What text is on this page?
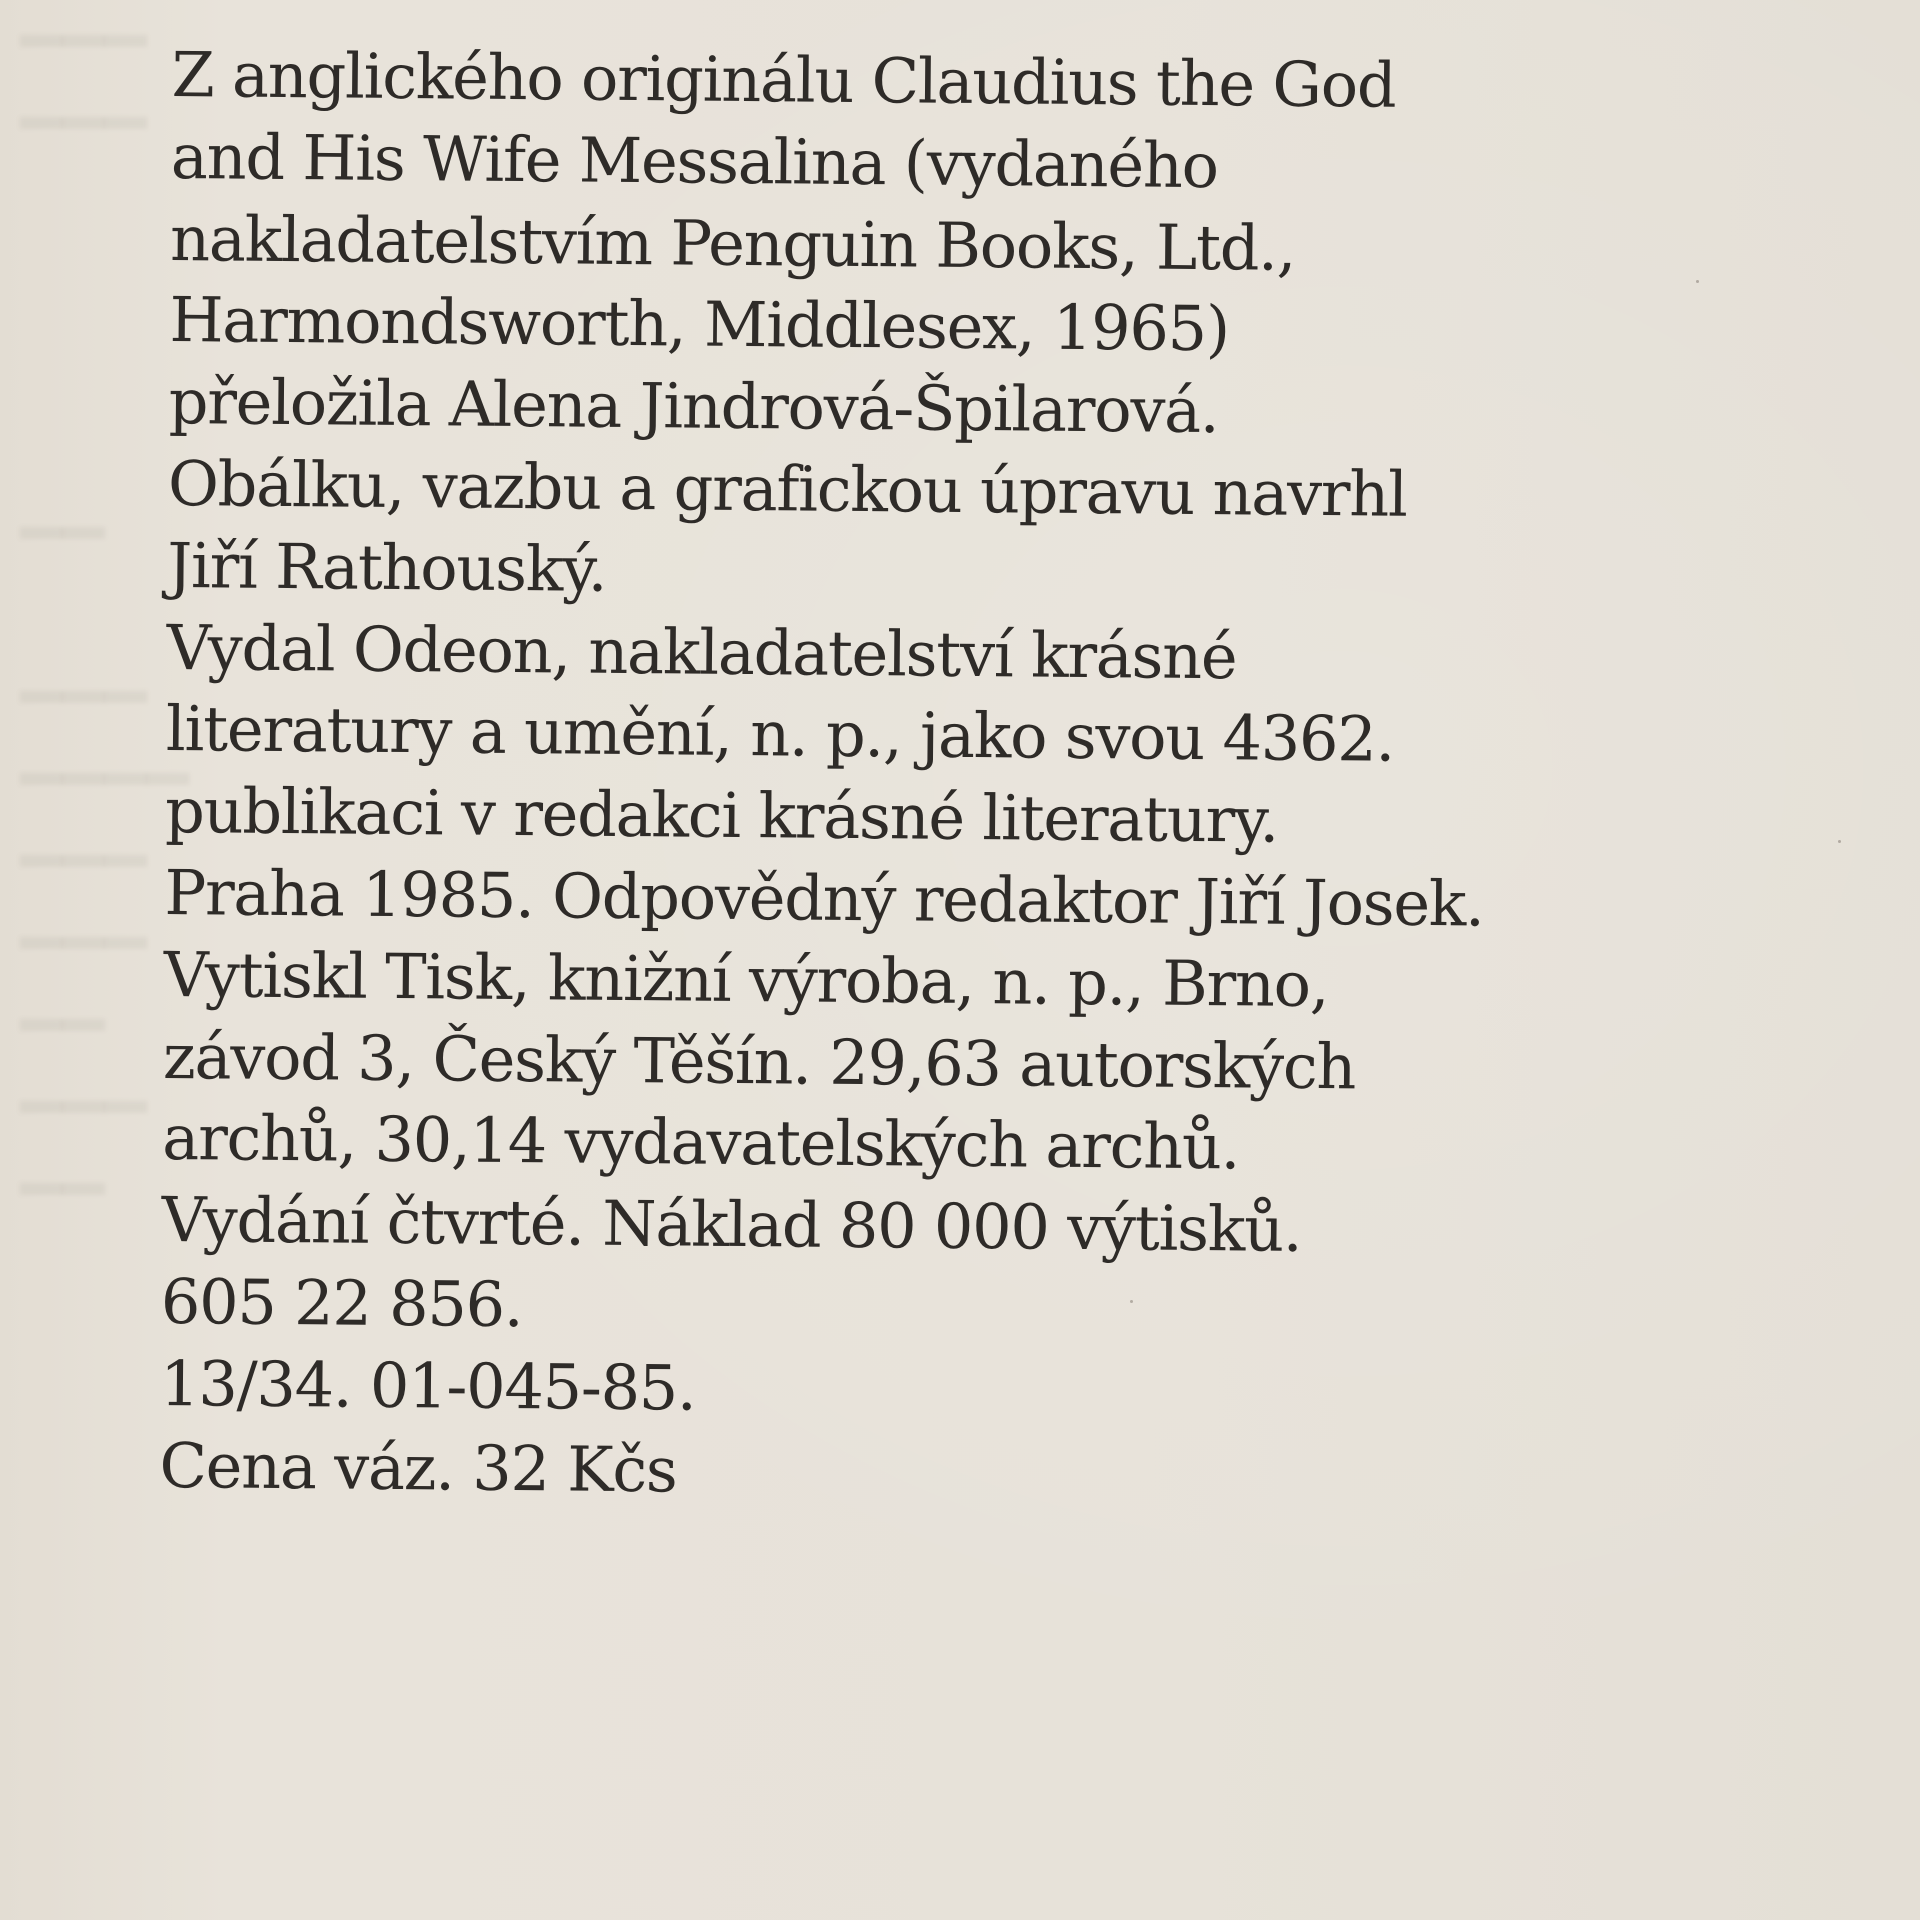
━━━
━━━
━━
━━━
━━━━
━━━
━━━
━━
━━━
━━
Z anglického originálu Claudius the God
and His Wife Messalina (vydaného
nakladatelstvím Penguin Books, Ltd.,
Harmondsworth, Middlesex, 1965)
přeložila Alena Jindrová-Špilarová.
Obálku, vazbu a grafickou úpravu navrhl
Jiří Rathouský.
Vydal Odeon, nakladatelství krásné
literatury a umění, n. p., jako svou 4362.
publikaci v redakci krásné literatury.
Praha 1985. Odpovědný redaktor Jiří Josek.
Vytiskl Tisk, knižní výroba, n. p., Brno,
závod 3, Český Těšín. 29,63 autorských
archů, 30,14 vydavatelských archů.
Vydání čtvrté. Náklad 80 000 výtisků.
605 22 856.
13/34. 01-045-85.
Cena váz. 32 Kčs
